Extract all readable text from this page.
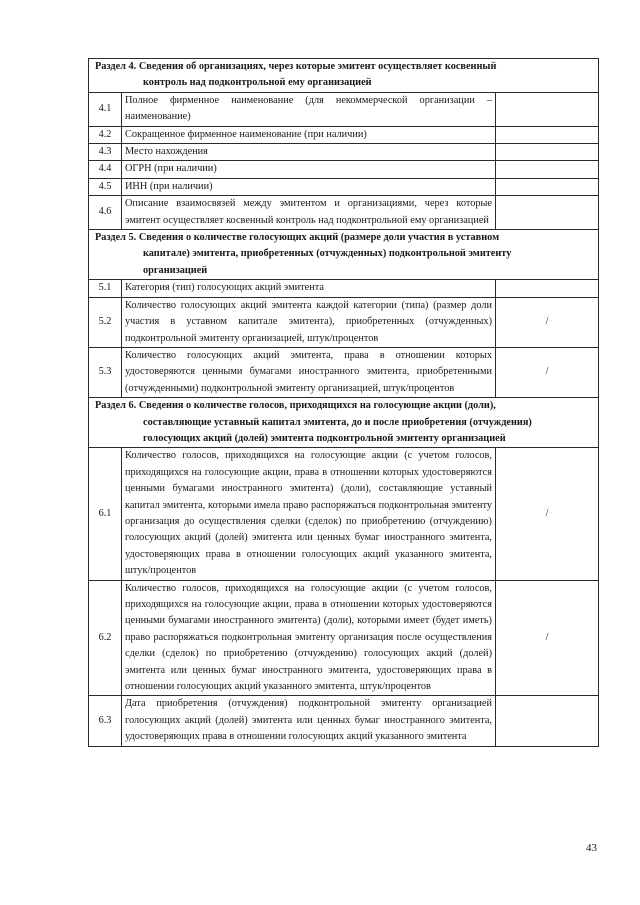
Раздел 4. Сведения об организациях, через которые эмитент осуществляет косвенный
контроль над подконтрольной ему организацией		

4.1	Полное фирменное наименование (для некоммерческой организации – наименование)	
4.2	Сокращенное фирменное наименование (при наличии)	
4.3	Место нахождения	
4.4	ОГРН (при наличии)	
4.5	ИНН (при наличии)	
4.6	Описание взаимосвязей между эмитентом и организациями, через которые эмитент осуществляет косвенный контроль над подконтрольной ему организацией	

Раздел 5. Сведения о количестве голосующих акций (размере доли участия в уставном
капитале) эмитента, приобретенных (отчужденных) подконтрольной эмитенту
организацией		

5.1	Категория (тип) голосующих акций эмитента	
5.2	Количество голосующих акций эмитента каждой категории (типа) (размер доли участия в уставном капитале эмитента), приобретенных (отчужденных) подконтрольной эмитенту организацией, штук/процентов	/
5.3	Количество голосующих акций эмитента, права в отношении которых удостоверяются ценными бумагами иностранного эмитента, приобретенными (отчужденными) подконтрольной эмитенту организацией, штук/процентов	/

Раздел 6. Сведения о количестве голосов, приходящихся на голосующие акции (доли),
составляющие уставный капитал эмитента, до и после приобретения (отчуждения)
голосующих акций (долей) эмитента подконтрольной эмитенту организацией		

6.1	Количество голосов, приходящихся на голосующие акции (с учетом голосов, приходящихся на голосующие акции, права в отношении которых удостоверяются ценными бумагами иностранного эмитента) (доли), составляющие уставный капитал эмитента, которыми имела право распоряжаться подконтрольная эмитенту организация до осуществления сделки (сделок) по приобретению (отчуждению) голосующих акций (долей) эмитента или ценных бумаг иностранного эмитента, удостоверяющих права в отношении голосующих акций указанного эмитента, штук/процентов	/
6.2	Количество голосов, приходящихся на голосующие акции (с учетом голосов, приходящихся на голосующие акции, права в отношении которых удостоверяются ценными бумагами иностранного эмитента) (доли), которыми имеет (будет иметь) право распоряжаться подконтрольная эмитенту организация после осуществления сделки (сделок) по приобретению (отчуждению) голосующих акций (долей) эмитента или ценных бумаг иностранного эмитента, удостоверяющих права в отношении голосующих акций указанного эмитента, штук/процентов	/
6.3	Дата приобретения (отчуждения) подконтрольной эмитенту организацией голосующих акций (долей) эмитента или ценных бумаг иностранного эмитента, удостоверяющих права в отношении голосующих акций указанного эмитента	
43
